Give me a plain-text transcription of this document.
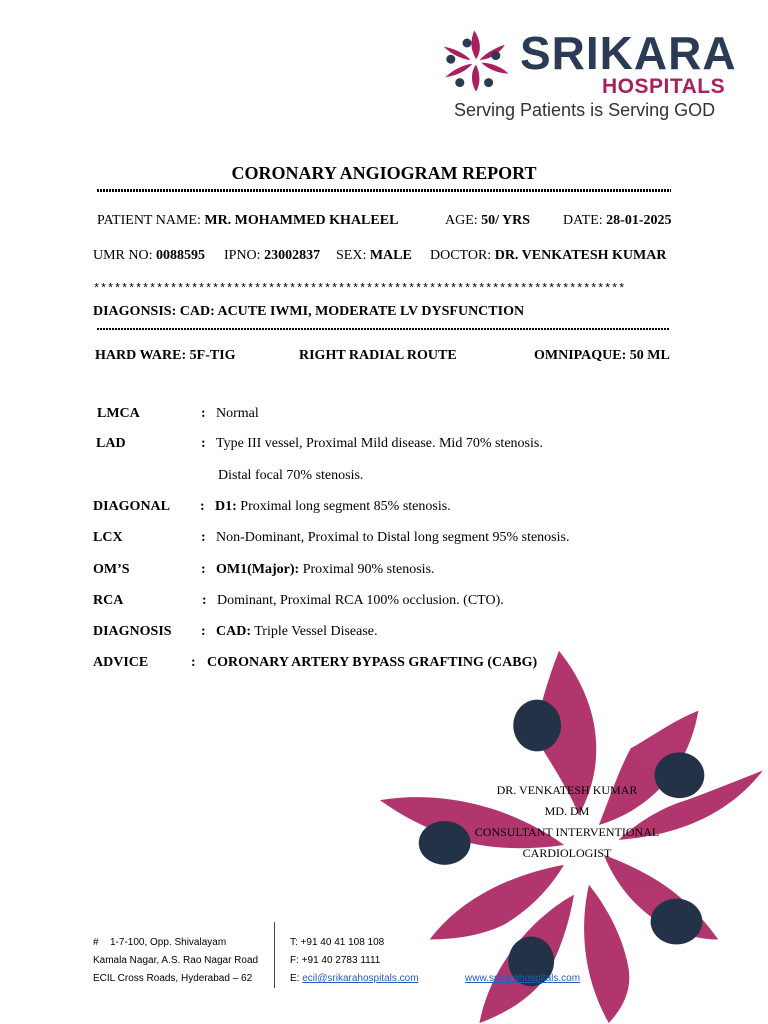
SRIKARA
HOSPITALS
Serving Patients is Serving GOD
CORONARY ANGIOGRAM REPORT
PATIENT NAME: MR. MOHAMMED KHALEEL	AGE: 50/ YRS DATE: 28-01-2025
UMR NO: 0088595 IPNO: 23002837 SEX: MALE DOCTOR: DR. VENKATESH KUMAR
****************************************************************************
DIAGONSIS: CAD: ACUTE IWMI, MODERATE LV DYSFUNCTION
HARD WARE: 5F-TIG	RIGHT RADIAL ROUTE	OMNIPAQUE: 50 ML
LMCA	: Normal
LAD	: Type III vessel, Proximal Mild disease. Mid 70% stenosis.
Distal focal 70% stenosis.
DIAGONAL : D1: Proximal long segment 85% stenosis.
LCX	: Non-Dominant, Proximal to Distal long segment 95% stenosis.
OM’S	: OM1(Major): Proximal 90% stenosis.
RCA	: Dominant, Proximal RCA 100% occlusion. (CTO).
DIAGNOSIS : CAD: Triple Vessel Disease.
ADVICE	: CORONARY ARTERY BYPASS GRAFTING (CABG)
DR. VENKATESH KUMAR
MD. DM
CONSULTANT INTERVENTIONAL
CARDIOLOGIST
# 1-7-100, Opp. Shivalayam
Kamala Nagar, A.S. Rao Nagar Road
ECIL Cross Roads, Hyderabad – 62
T: +91 40 41 108 108
F: +91 40 2783 1111
E: ecil@srikarahospitals.com	www.srikarahospitals.com
